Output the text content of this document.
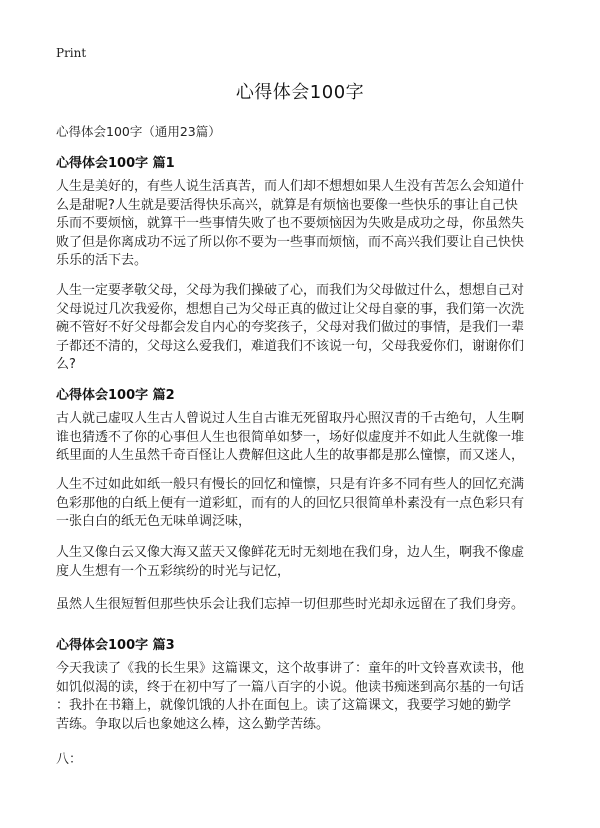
Print
心得体会100字
心得体会100字（通用23篇）
心得体会100字 篇1

人生是美好的，有些人说生活真苦，而人们却不想想如果人生没有苦怎么会知道什
么是甜呢?人生就是要活得快乐高兴，就算是有烦恼也要像一些快乐的事让自己快
乐而不要烦恼，就算干一些事情失败了也不要烦恼因为失败是成功之母，你虽然失
败了但是你离成功不远了所以你不要为一些事而烦恼，而不高兴我们要让自己快快
乐乐的活下去。

人生一定要孝敬父母，父母为我们操破了心，而我们为父母做过什么，想想自己对
父母说过几次我爱你，想想自己为父母正真的做过让父母自豪的事，我们第一次洗
碗不管好不好父母都会发自内心的夸奖孩子，父母对我们做过的事情，是我们一辈
子都还不清的，父母这么爱我们，难道我们不该说一句，父母我爱你们，谢谢你们
么?

心得体会100字 篇2

古人就己虚叹人生古人曾说过人生自古谁无死留取丹心照汉青的千古绝句，人生啊
谁也猜透不了你的心事但人生也很简单如梦一，场好似虚度并不如此人生就像一堆
纸里面的人生虽然千奇百怪让人费解但这此人生的故事都是那么憧懔，而又迷人，

人生不过如此如纸一般只有慢长的回忆和憧懔，只是有许多不同有些人的回忆充满
色彩那他的白纸上便有一道彩虹，而有的人的回忆只很简单朴素没有一点色彩只有
一张白白的纸无色无味单调泛味，

人生又像白云又像大海又蓝天又像鲜花无时无刻地在我们身，边人生，啊我不像虚
度人生想有一个五彩缤纷的时光与记忆，

虽然人生很短暂但那些快乐会让我们忘掉一切但那些时光却永远留在了我们身旁。

心得体会100字 篇3

今天我读了《我的长生果》这篇课文，这个故事讲了：童年的叶文铃喜欢读书，他
如饥似渴的读，终于在初中写了一篇八百字的小说。他读书痴迷到高尔基的一句话
：我扑在书籍上，就像饥饿的人扑在面包上。读了这篇课文，我要学习她的勤学
苦练。争取以后也象她这么棒，这么勤学苦练。

八：
